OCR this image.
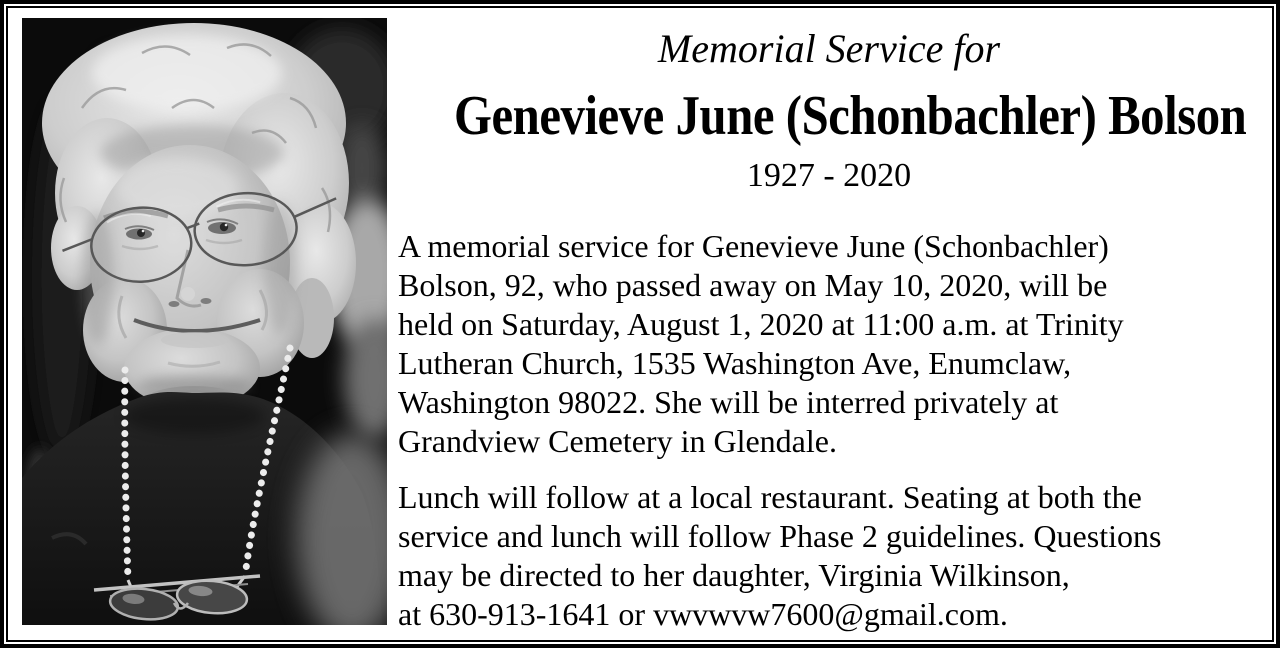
Memorial Service for
Genevieve June (Schonbachler) Bolson
1927 - 2020

A memorial service for Genevieve June (Schonbachler)
Bolson, 92, who passed away on May 10, 2020, will be
held on Saturday, August 1, 2020 at 11:00 a.m. at Trinity
Lutheran Church, 1535 Washington Ave, Enumclaw,
Washington 98022. She will be interred privately at
Grandview Cemetery in Glendale.

Lunch will follow at a local restaurant. Seating at both the
service and lunch will follow Phase 2 guidelines. Questions
may be directed to her daughter, Virginia Wilkinson,
at 630-913-1641 or vwvwvw7600@gmail.com.
